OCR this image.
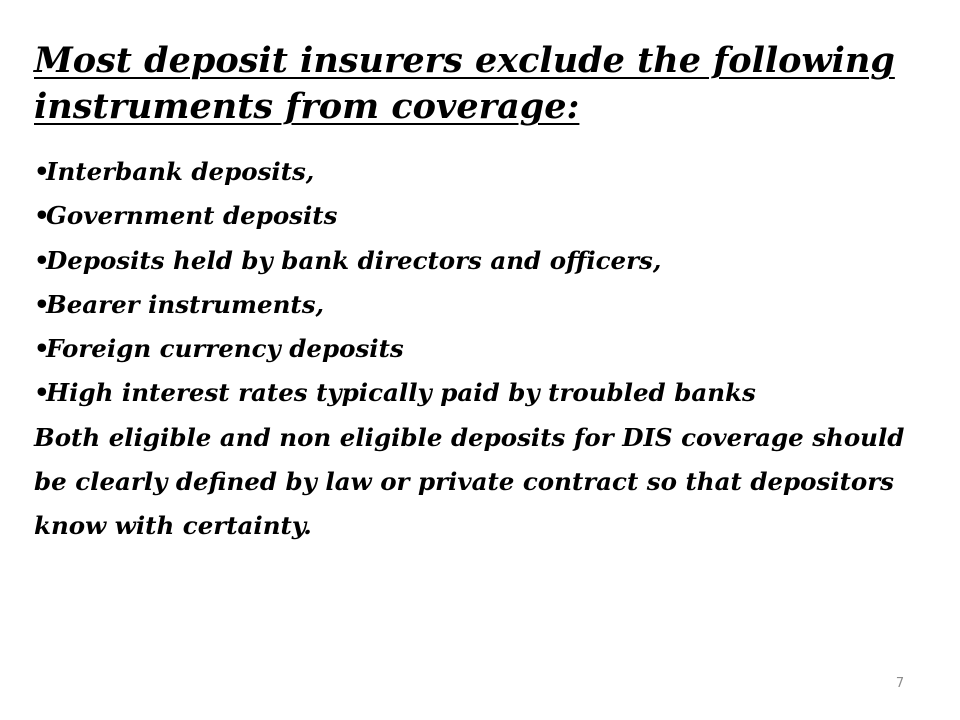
Most deposit insurers exclude the following instruments from coverage:
•Interbank deposits,
•Government deposits
•Deposits held by bank directors and officers,
•Bearer instruments,
•Foreign currency deposits
•High interest rates typically paid by troubled banks

Both eligible and non eligible deposits for DIS coverage should be clearly defined by law or private contract so that depositors know with certainty.

7
